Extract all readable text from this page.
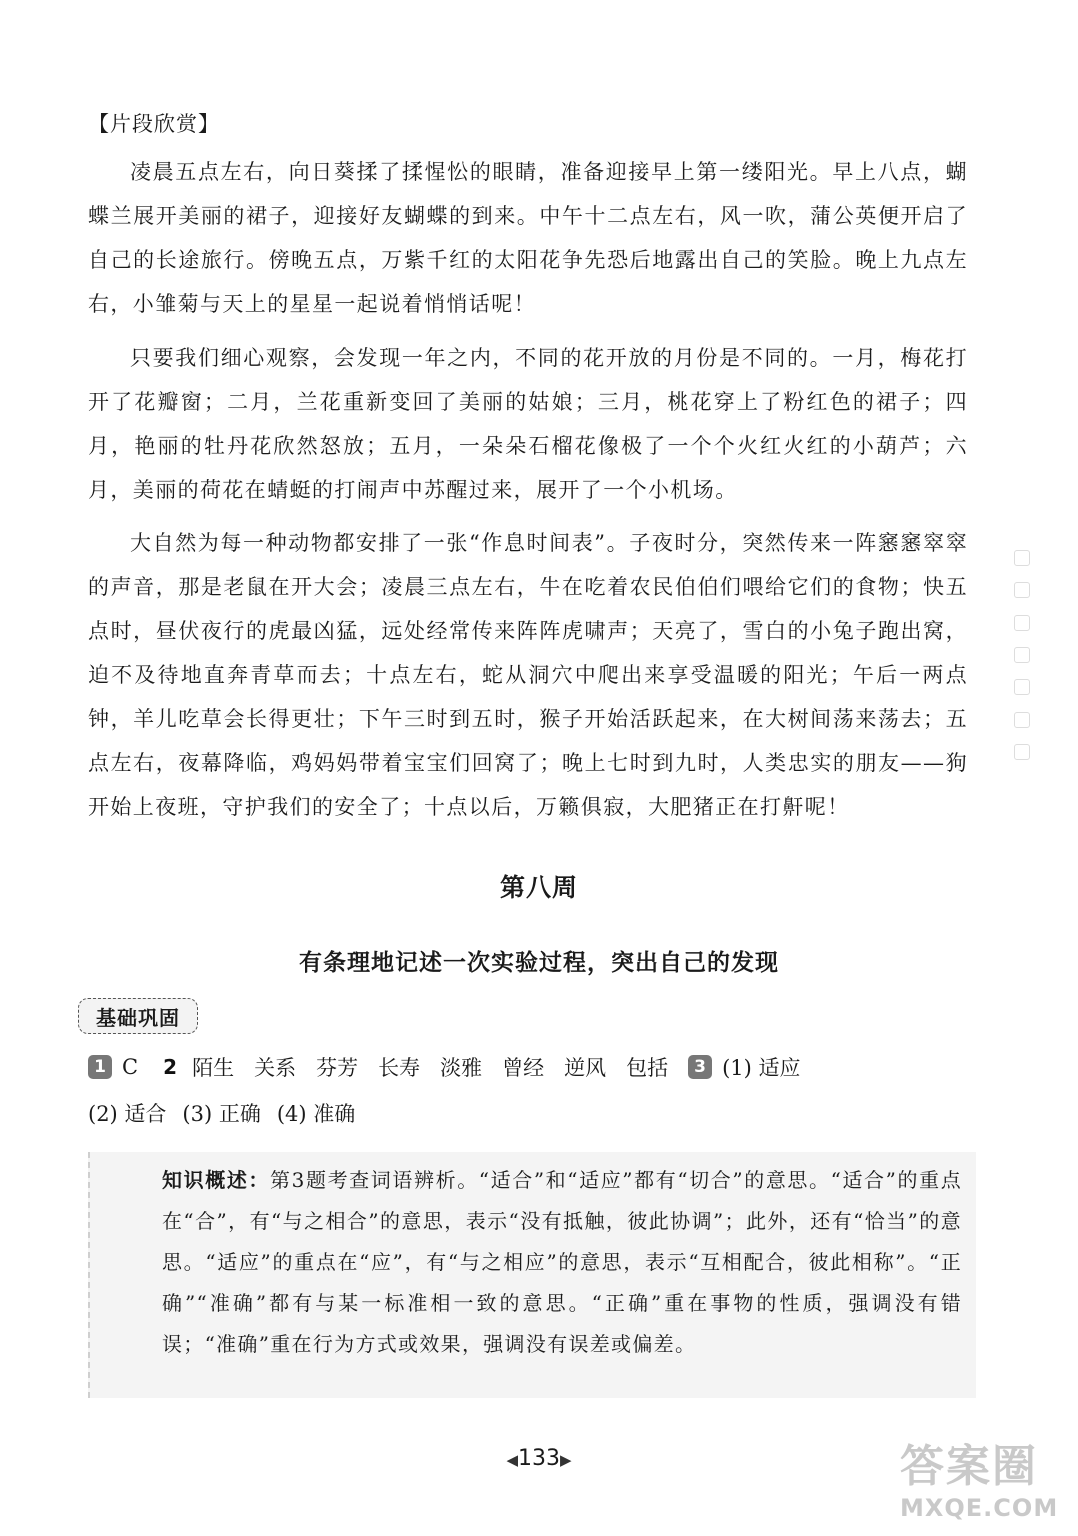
【片段欣赏】

凌晨五点左右，向日葵揉了揉惺忪的眼睛，准备迎接早上第一缕阳光。早上八点，蝴蝶兰展开美丽的裙子，迎接好友蝴蝶的到来。中午十二点左右，风一吹，蒲公英便开启了自己的长途旅行。傍晚五点，万紫千红的太阳花争先恐后地露出自己的笑脸。晚上九点左右，小雏菊与天上的星星一起说着悄悄话呢！

只要我们细心观察，会发现一年之内，不同的花开放的月份是不同的。一月，梅花打开了花瓣窗；二月，兰花重新变回了美丽的姑娘；三月，桃花穿上了粉红色的裙子；四月，艳丽的牡丹花欣然怒放；五月，一朵朵石榴花像极了一个个火红火红的小葫芦；六月，美丽的荷花在蜻蜓的打闹声中苏醒过来，展开了一个小机场。

大自然为每一种动物都安排了一张“作息时间表”。子夜时分，突然传来一阵窸窸窣窣的声音，那是老鼠在开大会；凌晨三点左右，牛在吃着农民伯伯们喂给它们的食物；快五点时，昼伏夜行的虎最凶猛，远处经常传来阵阵虎啸声；天亮了，雪白的小兔子跑出窝，迫不及待地直奔青草而去；十点左右，蛇从洞穴中爬出来享受温暖的阳光；午后一两点钟，羊儿吃草会长得更壮；下午三时到五时，猴子开始活跃起来，在大树间荡来荡去；五点左右，夜幕降临，鸡妈妈带着宝宝们回窝了；晚上七时到九时，人类忠实的朋友——狗开始上夜班，守护我们的安全了；十点以后，万籁俱寂，大肥猪正在打鼾呢！

第八周
有条理地记述一次实验过程，突出自己的发现
基础巩固
1 C 2 陌生 关系 芬芳 长寿 淡雅 曾经 逆风 包括	3 (1) 适应
(2) 适合 (3) 正确 (4) 准确

知识概述：第3题考查词语辨析。“适合”和“适应”都有“切合”的意思。“适合”的重点在“合”，有“与之相合”的意思，表示“没有抵触，彼此协调”；此外，还有“恰当”的意思。“适应”的重点在“应”，有“与之相应”的意思，表示“互相配合，彼此相称”。“正确”“准确”都有与某一标准相一致的意思。“正确”重在事物的性质，强调没有错误；“准确”重在行为方式或效果，强调没有误差或偏差。

◀133▶	答案圈
MXQE.COM
